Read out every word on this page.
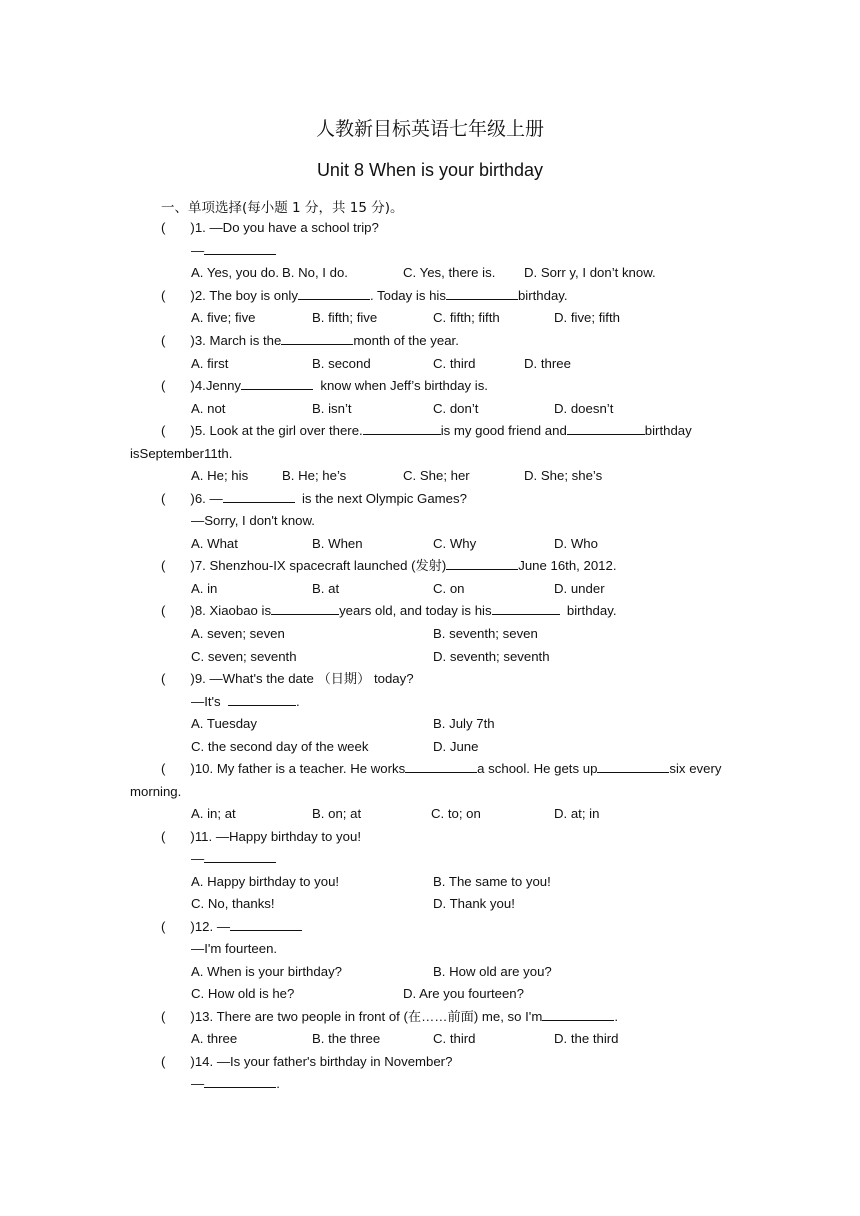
人教新目标英语七年级上册
Unit 8 When is your birthday
一、单项选择(每小题 1 分，共 15 分)。
( )1. —Do you have a school trip?
—
A. Yes, you do. B. No, I do.	C. Yes, there is. D. Sorr y, I don’t know.
( )2. The boy is only	. Today is his	birthday.
A. five; five	B. fifth; five	C. fifth; fifth	D. five; fifth
( )3. March is the	month of the year.
A. first	B. second	C. third	D. three
( )4.Jenny	know when Jeff’s birthday is.
A. not	B. isn’t	C. don’t	D. doesn’t
( )5. Look at the girl over there.	is my good friend and	birthday
isSeptember11th.
A. He; his	B. He; he’s	C. She; her	D. She; she’s
( )6. —	is the next Olympic Games?
—Sorry, I don't know.
A. What	B. When	C. Why	D. Who
( )7. Shenzhou-IX spacecraft launched (发射)	June 16th, 2012.
A. in	B. at	C. on	D. under
( )8. Xiaobao is	years old, and today is his	birthday.
A. seven; seven	B. seventh; seven
C. seven; seventh	D. seventh; seventh
( )9. —What's the date （日期） today?
—It's	.
A. Tuesday	B. July 7th
C. the second day of the week	D. June
( )10. My father is a teacher. He works	a school. He gets up	six every
morning.
A. in; at	B. on; at	C. to; on	D. at; in
( )11. —Happy birthday to you!
—
A. Happy birthday to you!	B. The same to you!
C. No, thanks!	D. Thank you!
( )12. —
—I'm fourteen.
A. When is your birthday?	B. How old are you?
C. How old is he?	D. Are you fourteen?
( )13. There are two people in front of (在……前面) me, so I'm	.
A. three	B. the three	C. third	D. the third
( )14. —Is your father's birthday in November?
—	.
